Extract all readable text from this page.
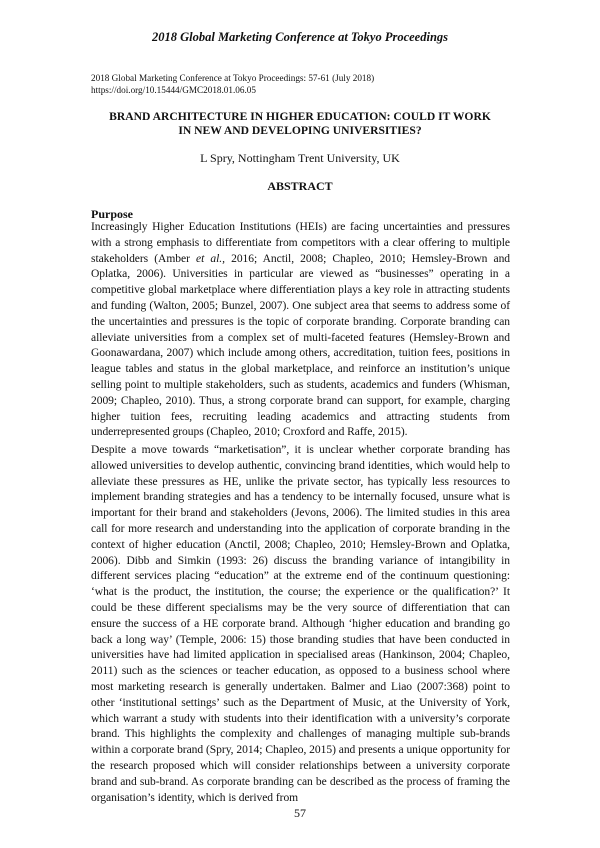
2018 Global Marketing Conference at Tokyo Proceedings
2018 Global Marketing Conference at Tokyo Proceedings: 57-61 (July 2018)
https://doi.org/10.15444/GMC2018.01.06.05
BRAND ARCHITECTURE IN HIGHER EDUCATION: COULD IT WORK
IN NEW AND DEVELOPING UNIVERSITIES?
L Spry, Nottingham Trent University, UK
ABSTRACT
Purpose
Increasingly Higher Education Institutions (HEIs) are facing uncertainties and pressures with a strong emphasis to differentiate from competitors with a clear offering to multiple stakeholders (Amber et al., 2016; Anctil, 2008; Chapleo, 2010; Hemsley-Brown and Oplatka, 2006). Universities in particular are viewed as “businesses” operating in a competitive global marketplace where differentiation plays a key role in attracting students and funding (Walton, 2005; Bunzel, 2007). One subject area that seems to address some of the uncertainties and pressures is the topic of corporate branding. Corporate branding can alleviate universities from a complex set of multi-faceted features (Hemsley-Brown and Goonawardana, 2007) which include among others, accreditation, tuition fees, positions in league tables and status in the global marketplace, and reinforce an institution’s unique selling point to multiple stakeholders, such as students, academics and funders (Whisman, 2009; Chapleo, 2010). Thus, a strong corporate brand can support, for example, charging higher tuition fees, recruiting leading academics and attracting students from underrepresented groups (Chapleo, 2010; Croxford and Raffe, 2015).
Despite a move towards “marketisation”, it is unclear whether corporate branding has allowed universities to develop authentic, convincing brand identities, which would help to alleviate these pressures as HE, unlike the private sector, has typically less resources to implement branding strategies and has a tendency to be internally focused, unsure what is important for their brand and stakeholders (Jevons, 2006). The limited studies in this area call for more research and understanding into the application of corporate branding in the context of higher education (Anctil, 2008; Chapleo, 2010; Hemsley-Brown and Oplatka, 2006). Dibb and Simkin (1993: 26) discuss the branding variance of intangibility in different services placing “education” at the extreme end of the continuum questioning: ‘what is the product, the institution, the course; the experience or the qualification?’ It could be these different specialisms may be the very source of differentiation that can ensure the success of a HE corporate brand. Although ‘higher education and branding go back a long way’ (Temple, 2006: 15) those branding studies that have been conducted in universities have had limited application in specialised areas (Hankinson, 2004; Chapleo, 2011) such as the sciences or teacher education, as opposed to a business school where most marketing research is generally undertaken. Balmer and Liao (2007:368) point to other ‘institutional settings’ such as the Department of Music, at the University of York, which warrant a study with students into their identification with a university’s corporate brand. This highlights the complexity and challenges of managing multiple sub-brands within a corporate brand (Spry, 2014; Chapleo, 2015) and presents a unique opportunity for the research proposed which will consider relationships between a university corporate brand and sub-brand. As corporate branding can be described as the process of framing the organisation’s identity, which is derived from
57
